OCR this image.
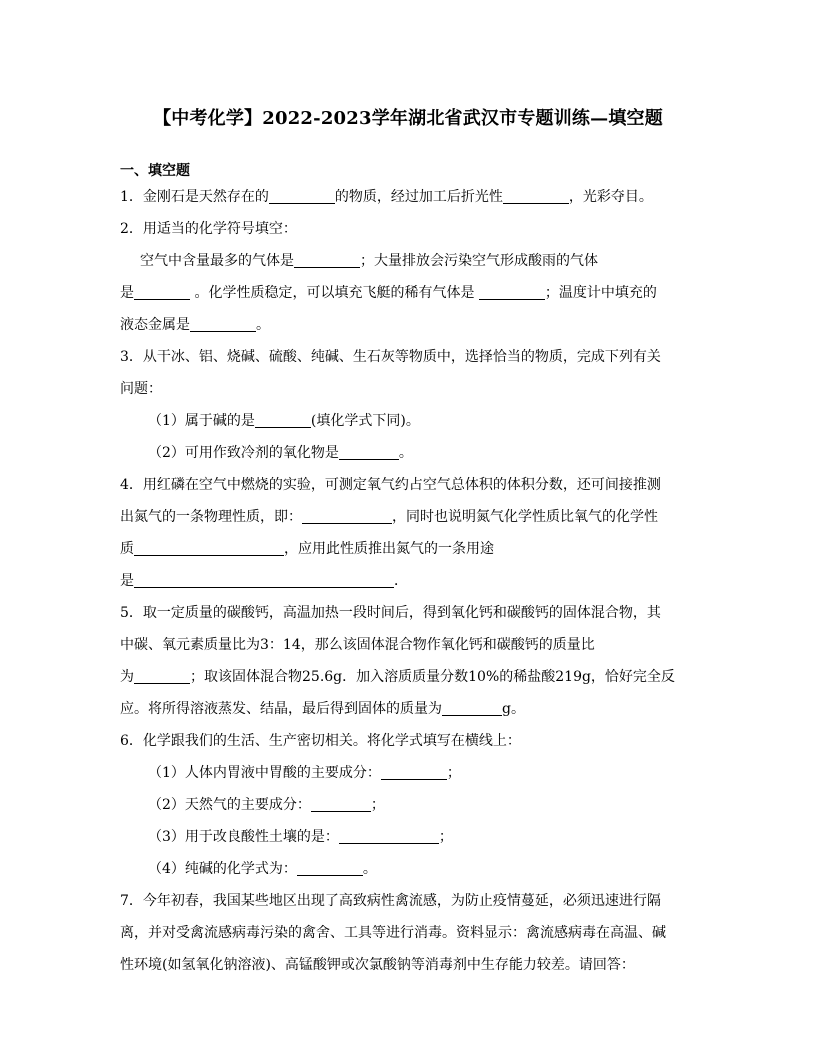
【中考化学】2022-2023学年湖北省武汉市专题训练—填空题
一、填空题
1．金刚石是天然存在的	的物质，经过加工后折光性	，光彩夺目。
2．用适当的化学符号填空：
空气中含量最多的气体是	；大量排放会污染空气形成酸雨的气体
是	。化学性质稳定，可以填充飞艇的稀有气体是	；温度计中填充的
液态金属是	。
3．从干冰、铝、烧碱、硫酸、纯碱、生石灰等物质中，选择恰当的物质，完成下列有关
问题：
（1）属于碱的是	(填化学式下同)。
（2）可用作致冷剂的氧化物是	。
4．用红磷在空气中燃烧的实验，可测定氧气约占空气总体积的体积分数，还可间接推测
出氮气的一条物理性质，即：	，同时也说明氮气化学性质比氧气的化学性
质	，应用此性质推出氮气的一条用途
是	．
5．取一定质量的碳酸钙，高温加热一段时间后，得到氧化钙和碳酸钙的固体混合物，其
中碳、氧元素质量比为3：14，那么该固体混合物作氧化钙和碳酸钙的质量比
为	；取该固体混合物25.6g．加入溶质质量分数10%的稀盐酸219g，恰好完全反
应。将所得溶液蒸发、结晶，最后得到固体的质量为	g。
6．化学跟我们的生活、生产密切相关。将化学式填写在横线上：
（1）人体内胃液中胃酸的主要成分：	；
（2）天然气的主要成分：	；
（3）用于改良酸性土壤的是：	；
（4）纯碱的化学式为：	。
7．今年初春，我国某些地区出现了高致病性禽流感，为防止疫情蔓延，必须迅速进行隔
离，并对受禽流感病毒污染的禽舍、工具等进行消毒。资料显示：禽流感病毒在高温、碱
性环境(如氢氧化钠溶液)、高锰酸钾或次氯酸钠等消毒剂中生存能力较差。请回答：
